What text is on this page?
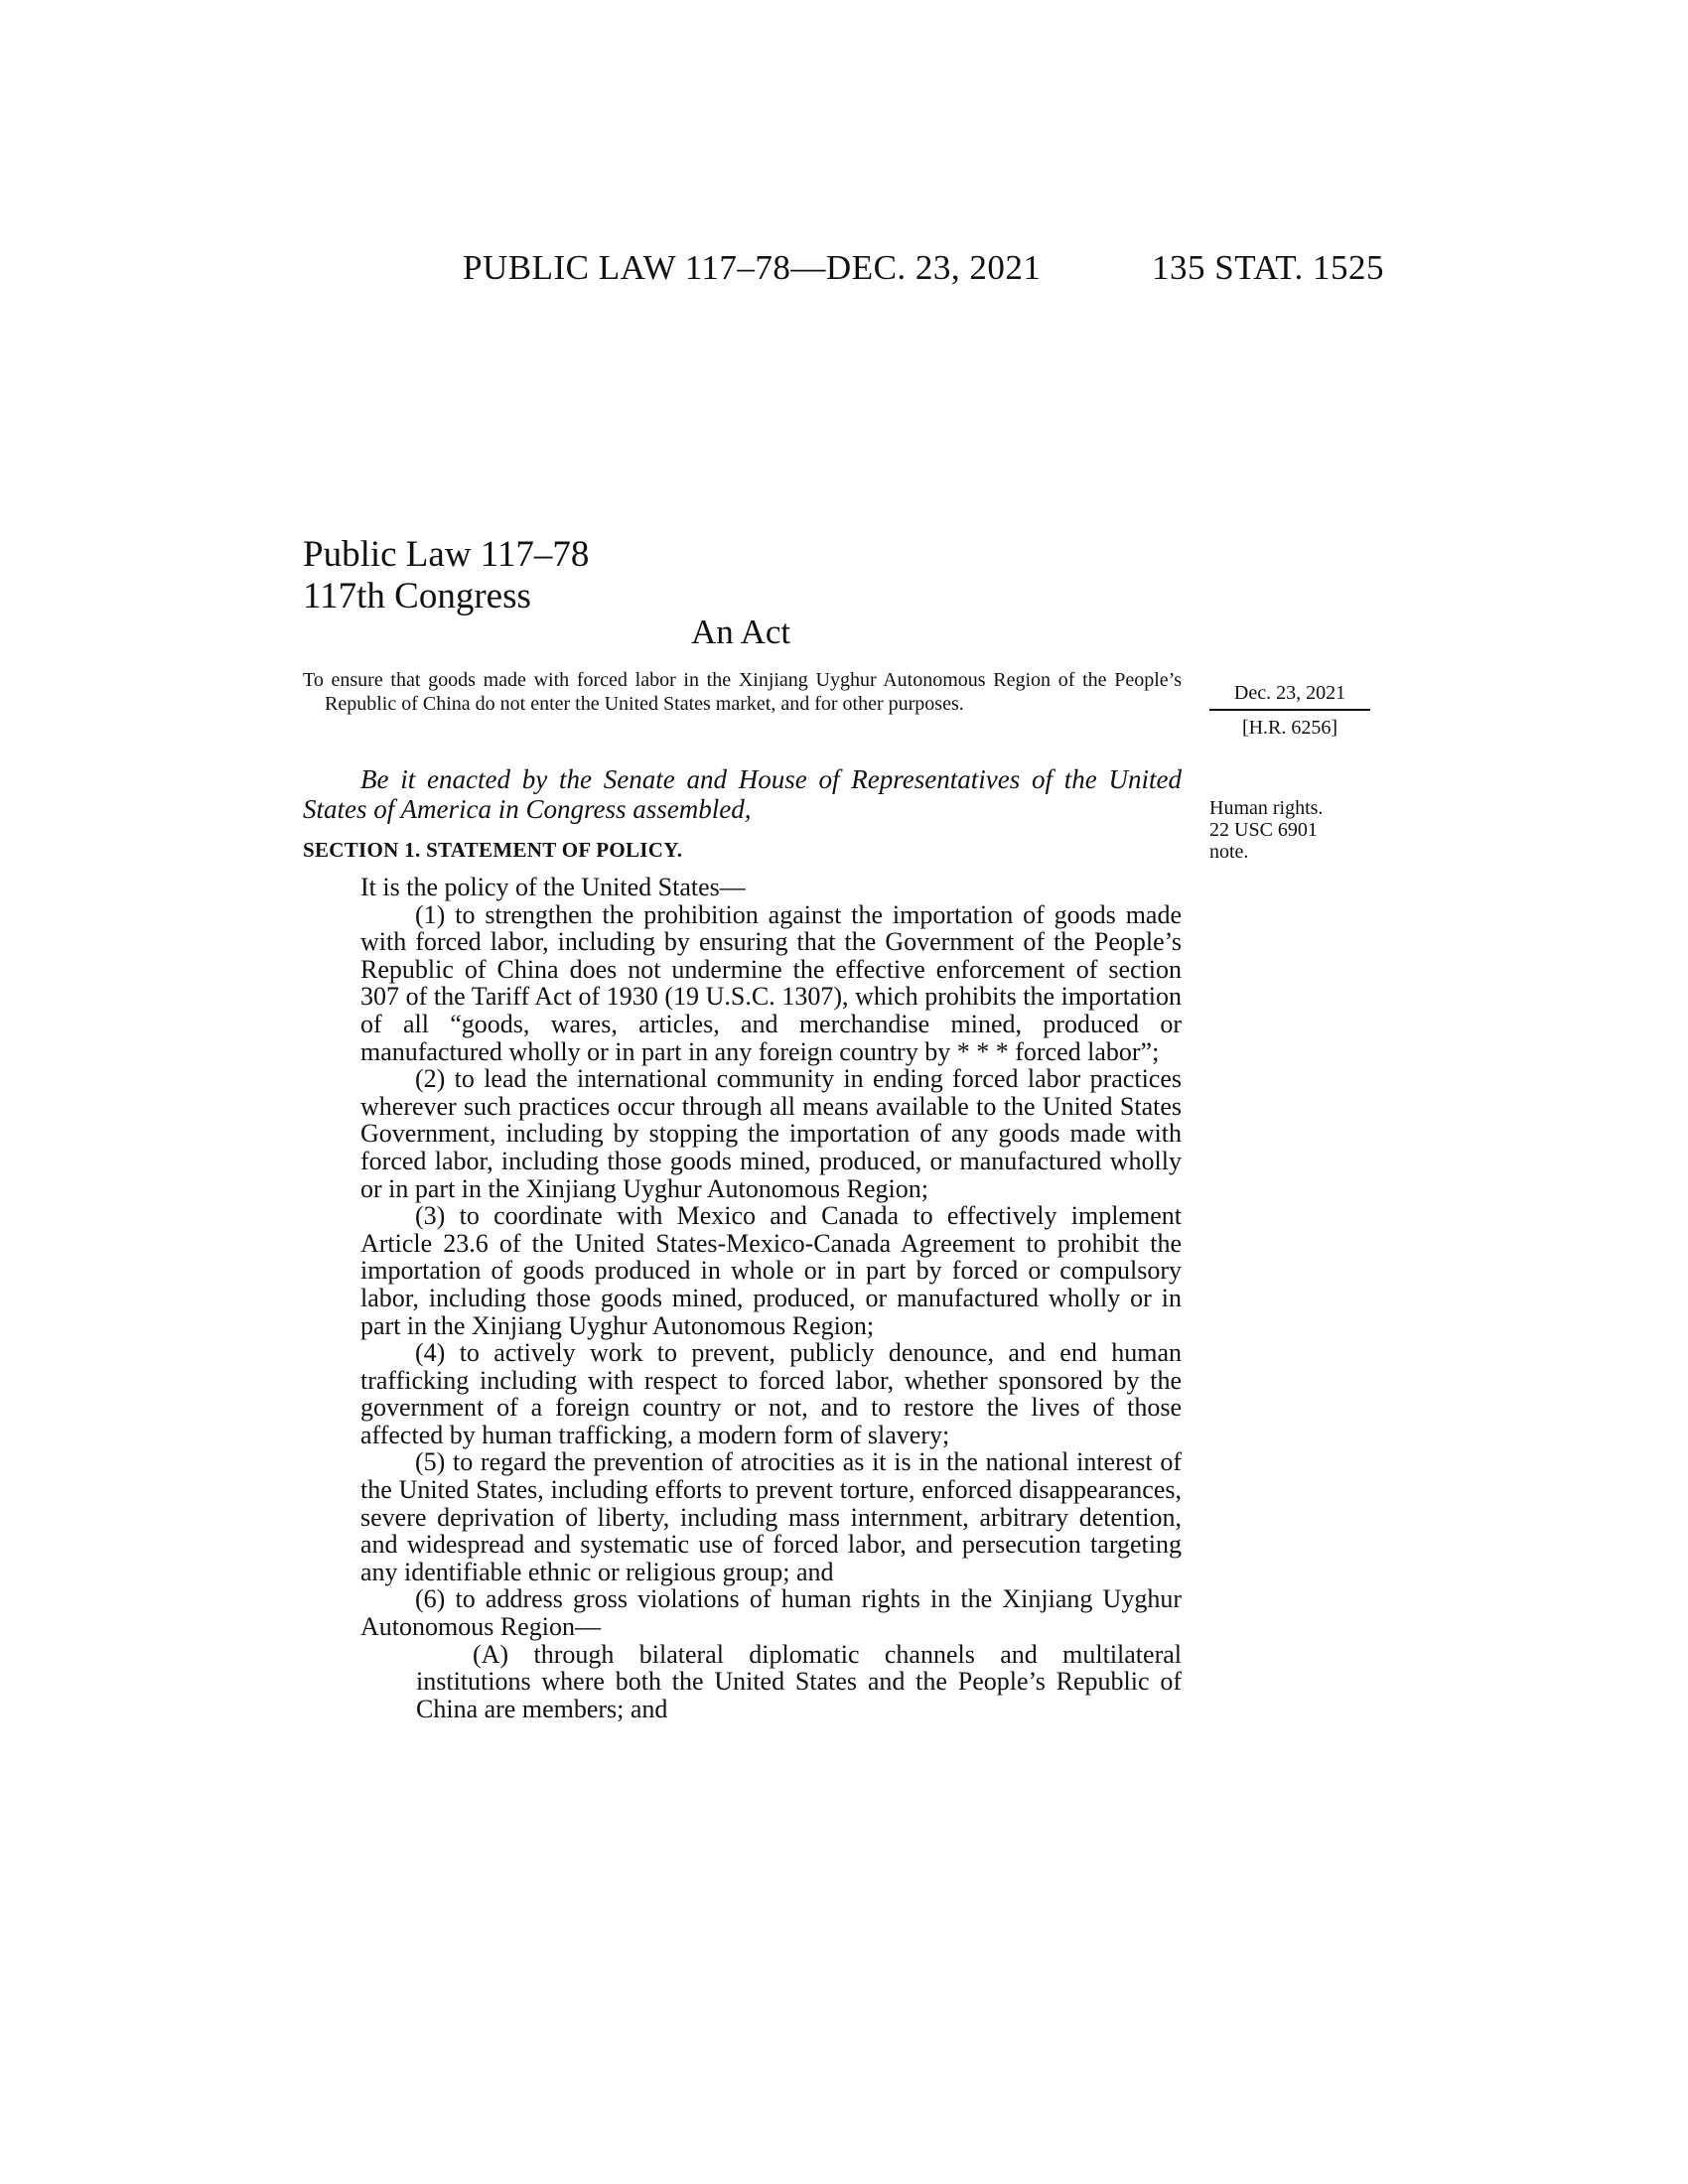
PUBLIC LAW 117–78—DEC. 23, 2021	135 STAT. 1525
Public Law 117–78
117th Congress
An Act

To ensure that goods made with forced labor in the Xinjiang Uyghur Autonomous Region of the People’s Republic of China do not enter the United States market, and for other purposes.	Dec. 23, 2021
[H.R. 6256]
Human rights.
22 USC 6901
note.

Be it enacted by the Senate and House of Representatives of the United States of America in Congress assembled,

SECTION 1. STATEMENT OF POLICY.

It is the policy of the United States—

(1) to strengthen the prohibition against the importation of goods made with forced labor, including by ensuring that the Government of the People’s Republic of China does not undermine the effective enforcement of section 307 of the Tariff Act of 1930 (19 U.S.C. 1307), which prohibits the importation of all “goods, wares, articles, and merchandise mined, produced or manufactured wholly or in part in any foreign country by * * * forced labor”;

(2) to lead the international community in ending forced labor practices wherever such practices occur through all means available to the United States Government, including by stopping the importation of any goods made with forced labor, including those goods mined, produced, or manufactured wholly or in part in the Xinjiang Uyghur Autonomous Region;

(3) to coordinate with Mexico and Canada to effectively implement Article 23.6 of the United States-Mexico-Canada Agreement to prohibit the importation of goods produced in whole or in part by forced or compulsory labor, including those goods mined, produced, or manufactured wholly or in part in the Xinjiang Uyghur Autonomous Region;

(4) to actively work to prevent, publicly denounce, and end human trafficking including with respect to forced labor, whether sponsored by the government of a foreign country or not, and to restore the lives of those affected by human trafficking, a modern form of slavery;

(5) to regard the prevention of atrocities as it is in the national interest of the United States, including efforts to prevent torture, enforced disappearances, severe deprivation of liberty, including mass internment, arbitrary detention, and widespread and systematic use of forced labor, and persecution targeting any identifiable ethnic or religious group; and

(6) to address gross violations of human rights in the Xinjiang Uyghur Autonomous Region—

(A) through bilateral diplomatic channels and multilateral institutions where both the United States and the People’s Republic of China are members; and
